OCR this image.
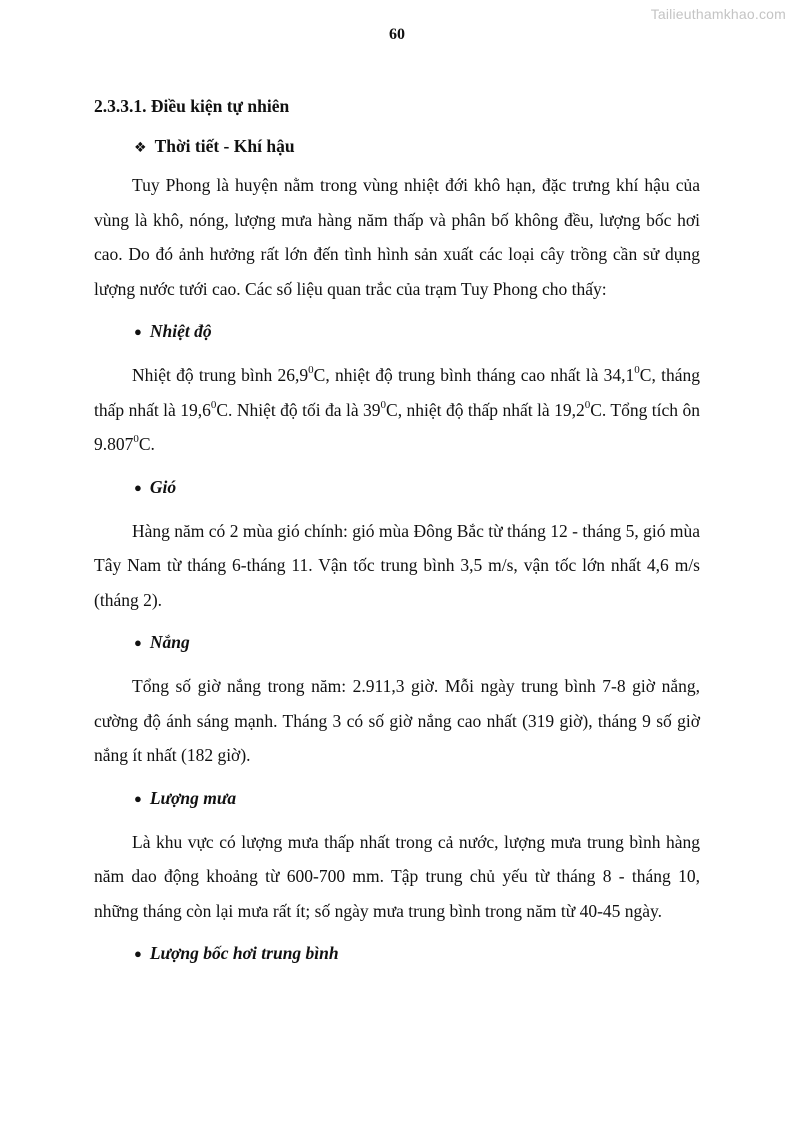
Tailieuthamkhao.com
60
2.3.3.1. Điều kiện tự nhiên
❖ Thời tiết - Khí hậu

Tuy Phong là huyện nằm trong vùng nhiệt đới khô hạn, đặc trưng khí hậu của vùng là khô, nóng, lượng mưa hàng năm thấp và phân bố không đều, lượng bốc hơi cao. Do đó ảnh hưởng rất lớn đến tình hình sản xuất các loại cây trồng cần sử dụng lượng nước tưới cao. Các số liệu quan trắc của trạm Tuy Phong cho thấy:

● Nhiệt độ

Nhiệt độ trung bình 26,9$^0$C, nhiệt độ trung bình tháng cao nhất là 34,1$^0$C, tháng thấp nhất là 19,6$^0$C. Nhiệt độ tối đa là $39^0C$, nhiệt độ thấp nhất là 19,2$^0$C. Tổng tích ôn 9.807$^0$C.

● Gió

Hàng năm có 2 mùa gió chính: gió mùa Đông Bắc từ tháng 12 - tháng 5, gió mùa Tây Nam từ tháng 6-tháng 11. Vận tốc trung bình 3,5 m/s, vận tốc lớn nhất 4,6 m/s (tháng 2).

● Nắng

Tổng số giờ nắng trong năm: 2.911,3 giờ. Mỗi ngày trung bình 7-8 giờ nắng, cường độ ánh sáng mạnh. Tháng 3 có số giờ nắng cao nhất (319 giờ), tháng 9 số giờ nắng ít nhất (182 giờ).

● Lượng mưa

Là khu vực có lượng mưa thấp nhất trong cả nước, lượng mưa trung bình hàng năm dao động khoảng từ 600-700 mm. Tập trung chủ yếu từ tháng 8 - tháng 10, những tháng còn lại mưa rất ít; số ngày mưa trung bình trong năm từ 40-45 ngày.

● Lượng bốc hơi trung bình
